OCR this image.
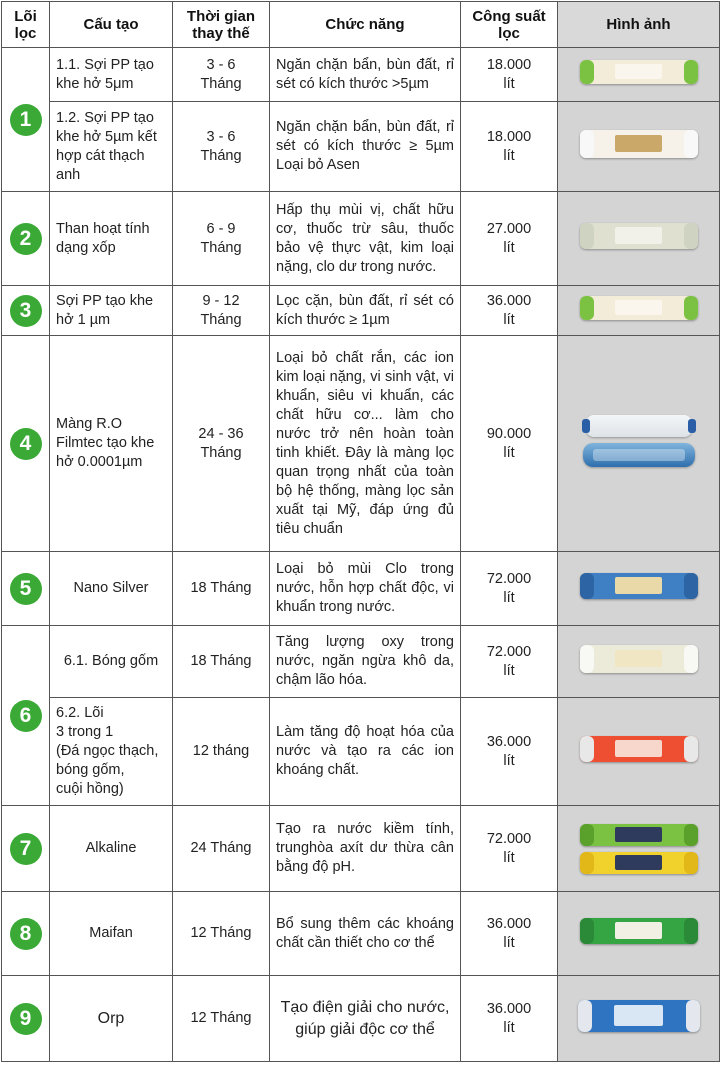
Lõi
lọc	Cấu tạo	Thời gian
thay thế	Chức năng	Công suất
lọc	Hình ảnh
1	1.1. Sợi PP tạo khe hở 5μm	3 - 6
Tháng	Ngăn chặn bẩn, bùn đất, rỉ sét có kích thước >5µm	18.000
lít	

	1.2. Sợi PP tạo khe hở 5µm kết hợp cát thạch anh	3 - 6
Tháng	Ngăn chặn bẩn, bùn đất, rỉ sét có kích thước ≥ 5µm Loại bỏ Asen	18.000
lít	

2	Than hoạt tính dạng xốp	6 - 9
Tháng	Hấp thụ mùi vị, chất hữu cơ, thuốc trừ sâu, thuốc bảo vệ thực vật, kim loại nặng, clo dư trong nước.	27.000
lít	

3	Sợi PP tạo khe hở 1 µm	9 - 12
Tháng	Lọc cặn, bùn đất, rỉ sét có kích thước ≥ 1µm	36.000
lít	

4	Màng R.O Filmtec tạo khe hở 0.0001µm	24 - 36
Tháng	Loại bỏ chất rắn, các ion kim loại nặng, vi sinh vật, vi khuẩn, siêu vi khuẩn, các chất hữu cơ... làm cho nước trở nên hoàn toàn tinh khiết. Đây là màng lọc quan trọng nhất của toàn bộ hệ thống, màng lọc sản xuất tại Mỹ, đáp ứng đủ tiêu chuẩn	90.000
lít	

5	Nano Silver	18 Tháng	Loại bỏ mùi Clo trong nước, hỗn hợp chất độc, vi khuẩn trong nước.	72.000
lít	

6	6.1. Bóng gốm	18 Tháng	Tăng lượng oxy trong nước, ngăn ngừa khô da, chậm lão hóa.	72.000
lít	

	6.2. Lõi
3 trong 1
(Đá ngọc thạch,
bóng gốm,
cuội hồng)	12 tháng	Làm tăng độ hoạt hóa của nước và tạo ra các ion khoáng chất.	36.000
lít	

7	Alkaline	24 Tháng	Tạo ra nước kiềm tính, trunghòa axít dư thừa cân bằng độ pH.	72.000
lít	

8	Maifan	12 Tháng	Bổ sung thêm các khoáng chất cần thiết cho cơ thể	36.000
lít	

9	Orp	12 Tháng	Tạo điện giải cho nước, giúp giải độc cơ thể	36.000
lít	
